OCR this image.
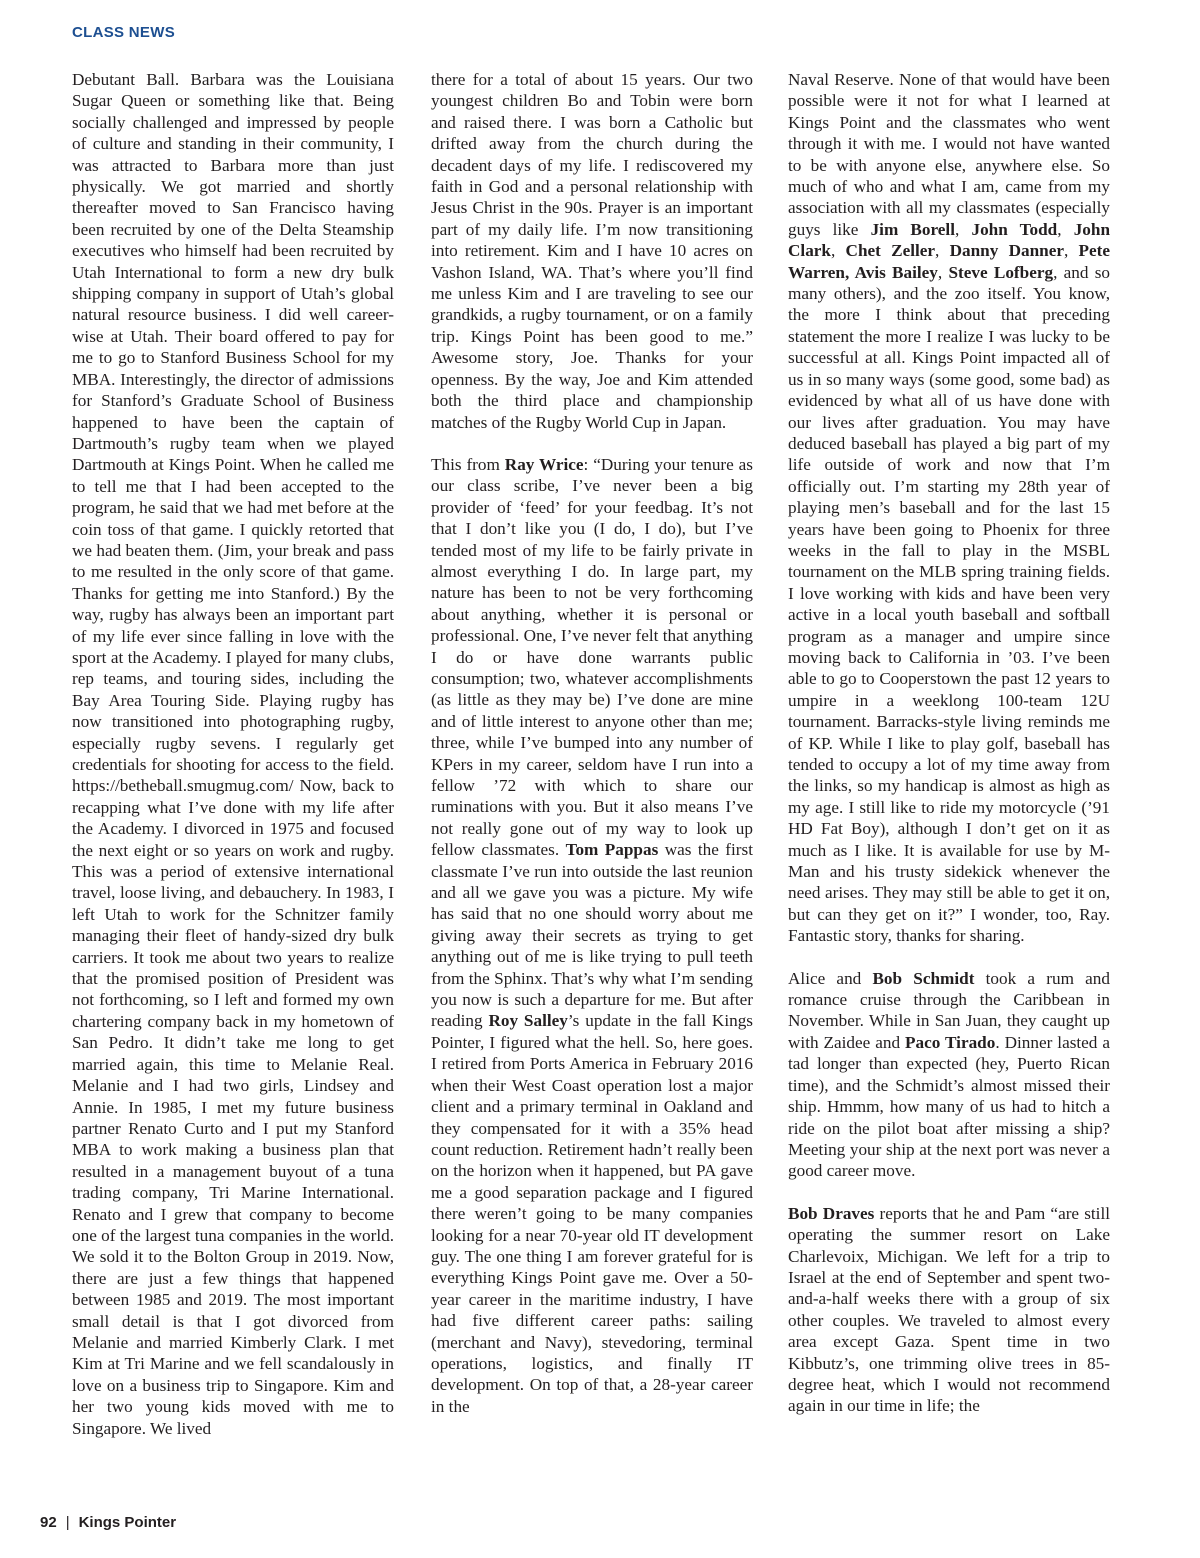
CLASS NEWS

Debutant Ball. Barbara was the Louisiana Sugar Queen or something like that. Being socially challenged and impressed by people of culture and standing in their community, I was attracted to Barbara more than just physically. We got married and shortly thereafter moved to San Francisco having been recruited by one of the Delta Steamship executives who himself had been recruited by Utah International to form a new dry bulk shipping company in support of Utah’s global natural resource business. I did well career-wise at Utah. Their board offered to pay for me to go to Stanford Business School for my MBA. Interestingly, the director of admissions for Stanford’s Graduate School of Business happened to have been the captain of Dartmouth’s rugby team when we played Dartmouth at Kings Point. When he called me to tell me that I had been accepted to the program, he said that we had met before at the coin toss of that game. I quickly retorted that we had beaten them. (Jim, your break and pass to me resulted in the only score of that game. Thanks for getting me into Stanford.) By the way, rugby has always been an important part of my life ever since falling in love with the sport at the Academy. I played for many clubs, rep teams, and touring sides, including the Bay Area Touring Side. Playing rugby has now transitioned into photographing rugby, especially rugby sevens. I regularly get credentials for shooting for access to the field. https://betheball.smugmug.com/ Now, back to recapping what I’ve done with my life after the Academy. I divorced in 1975 and focused the next eight or so years on work and rugby. This was a period of extensive international travel, loose living, and debauchery. In 1983, I left Utah to work for the Schnitzer family managing their fleet of handy-sized dry bulk carriers. It took me about two years to realize that the promised position of President was not forthcoming, so I left and formed my own chartering company back in my hometown of San Pedro. It didn’t take me long to get married again, this time to Melanie Real. Melanie and I had two girls, Lindsey and Annie. In 1985, I met my future business partner Renato Curto and I put my Stanford MBA to work making a business plan that resulted in a management buyout of a tuna trading company, Tri Marine International. Renato and I grew that company to become one of the largest tuna companies in the world. We sold it to the Bolton Group in 2019. Now, there are just a few things that happened between 1985 and 2019. The most important small detail is that I got divorced from Melanie and married Kimberly Clark. I met Kim at Tri Marine and we fell scandalously in love on a business trip to Singapore. Kim and her two young kids moved with me to Singapore. We lived

there for a total of about 15 years. Our two youngest children Bo and Tobin were born and raised there. I was born a Catholic but drifted away from the church during the decadent days of my life. I rediscovered my faith in God and a personal relationship with Jesus Christ in the 90s. Prayer is an important part of my daily life. I’m now transitioning into retirement. Kim and I have 10 acres on Vashon Island, WA. That’s where you’ll find me unless Kim and I are traveling to see our grandkids, a rugby tournament, or on a family trip. Kings Point has been good to me.” Awesome story, Joe. Thanks for your openness. By the way, Joe and Kim attended both the third place and championship matches of the Rugby World Cup in Japan.

This from Ray Wrice: “During your tenure as our class scribe, I’ve never been a big provider of ‘feed’ for your feedbag. It’s not that I don’t like you (I do, I do), but I’ve tended most of my life to be fairly private in almost everything I do. In large part, my nature has been to not be very forthcoming about anything, whether it is personal or professional. One, I’ve never felt that anything I do or have done warrants public consumption; two, whatever accomplishments (as little as they may be) I’ve done are mine and of little interest to anyone other than me; three, while I’ve bumped into any number of KPers in my career, seldom have I run into a fellow ’72 with which to share our ruminations with you. But it also means I’ve not really gone out of my way to look up fellow classmates. Tom Pappas was the first classmate I’ve run into outside the last reunion and all we gave you was a picture. My wife has said that no one should worry about me giving away their secrets as trying to get anything out of me is like trying to pull teeth from the Sphinx. That’s why what I’m sending you now is such a departure for me. But after reading Roy Salley’s update in the fall Kings Pointer, I figured what the hell. So, here goes. I retired from Ports America in February 2016 when their West Coast operation lost a major client and a primary terminal in Oakland and they compensated for it with a 35% head count reduction. Retirement hadn’t really been on the horizon when it happened, but PA gave me a good separation package and I figured there weren’t going to be many companies looking for a near 70-year old IT development guy. The one thing I am forever grateful for is everything Kings Point gave me. Over a 50-year career in the maritime industry, I have had five different career paths: sailing (merchant and Navy), stevedoring, terminal operations, logistics, and finally IT development. On top of that, a 28-year career in the

Naval Reserve. None of that would have been possible were it not for what I learned at Kings Point and the classmates who went through it with me. I would not have wanted to be with anyone else, anywhere else. So much of who and what I am, came from my association with all my classmates (especially guys like Jim Borell, John Todd, John Clark, Chet Zeller, Danny Danner, Pete Warren, Avis Bailey, Steve Lofberg, and so many others), and the zoo itself. You know, the more I think about that preceding statement the more I realize I was lucky to be successful at all. Kings Point impacted all of us in so many ways (some good, some bad) as evidenced by what all of us have done with our lives after graduation. You may have deduced baseball has played a big part of my life outside of work and now that I’m officially out. I’m starting my 28th year of playing men’s baseball and for the last 15 years have been going to Phoenix for three weeks in the fall to play in the MSBL tournament on the MLB spring training fields. I love working with kids and have been very active in a local youth baseball and softball program as a manager and umpire since moving back to California in ’03. I’ve been able to go to Cooperstown the past 12 years to umpire in a weeklong 100-team 12U tournament. Barracks-style living reminds me of KP. While I like to play golf, baseball has tended to occupy a lot of my time away from the links, so my handicap is almost as high as my age. I still like to ride my motorcycle (’91 HD Fat Boy), although I don’t get on it as much as I like. It is available for use by M-Man and his trusty sidekick whenever the need arises. They may still be able to get it on, but can they get on it?” I wonder, too, Ray. Fantastic story, thanks for sharing.

Alice and Bob Schmidt took a rum and romance cruise through the Caribbean in November. While in San Juan, they caught up with Zaidee and Paco Tirado. Dinner lasted a tad longer than expected (hey, Puerto Rican time), and the Schmidt’s almost missed their ship. Hmmm, how many of us had to hitch a ride on the pilot boat after missing a ship? Meeting your ship at the next port was never a good career move.

Bob Draves reports that he and Pam “are still operating the summer resort on Lake Charlevoix, Michigan. We left for a trip to Israel at the end of September and spent two-and-a-half weeks there with a group of six other couples. We traveled to almost every area except Gaza. Spent time in two Kibbutz’s, one trimming olive trees in 85-degree heat, which I would not recommend again in our time in life; the

92 | Kings Pointer
